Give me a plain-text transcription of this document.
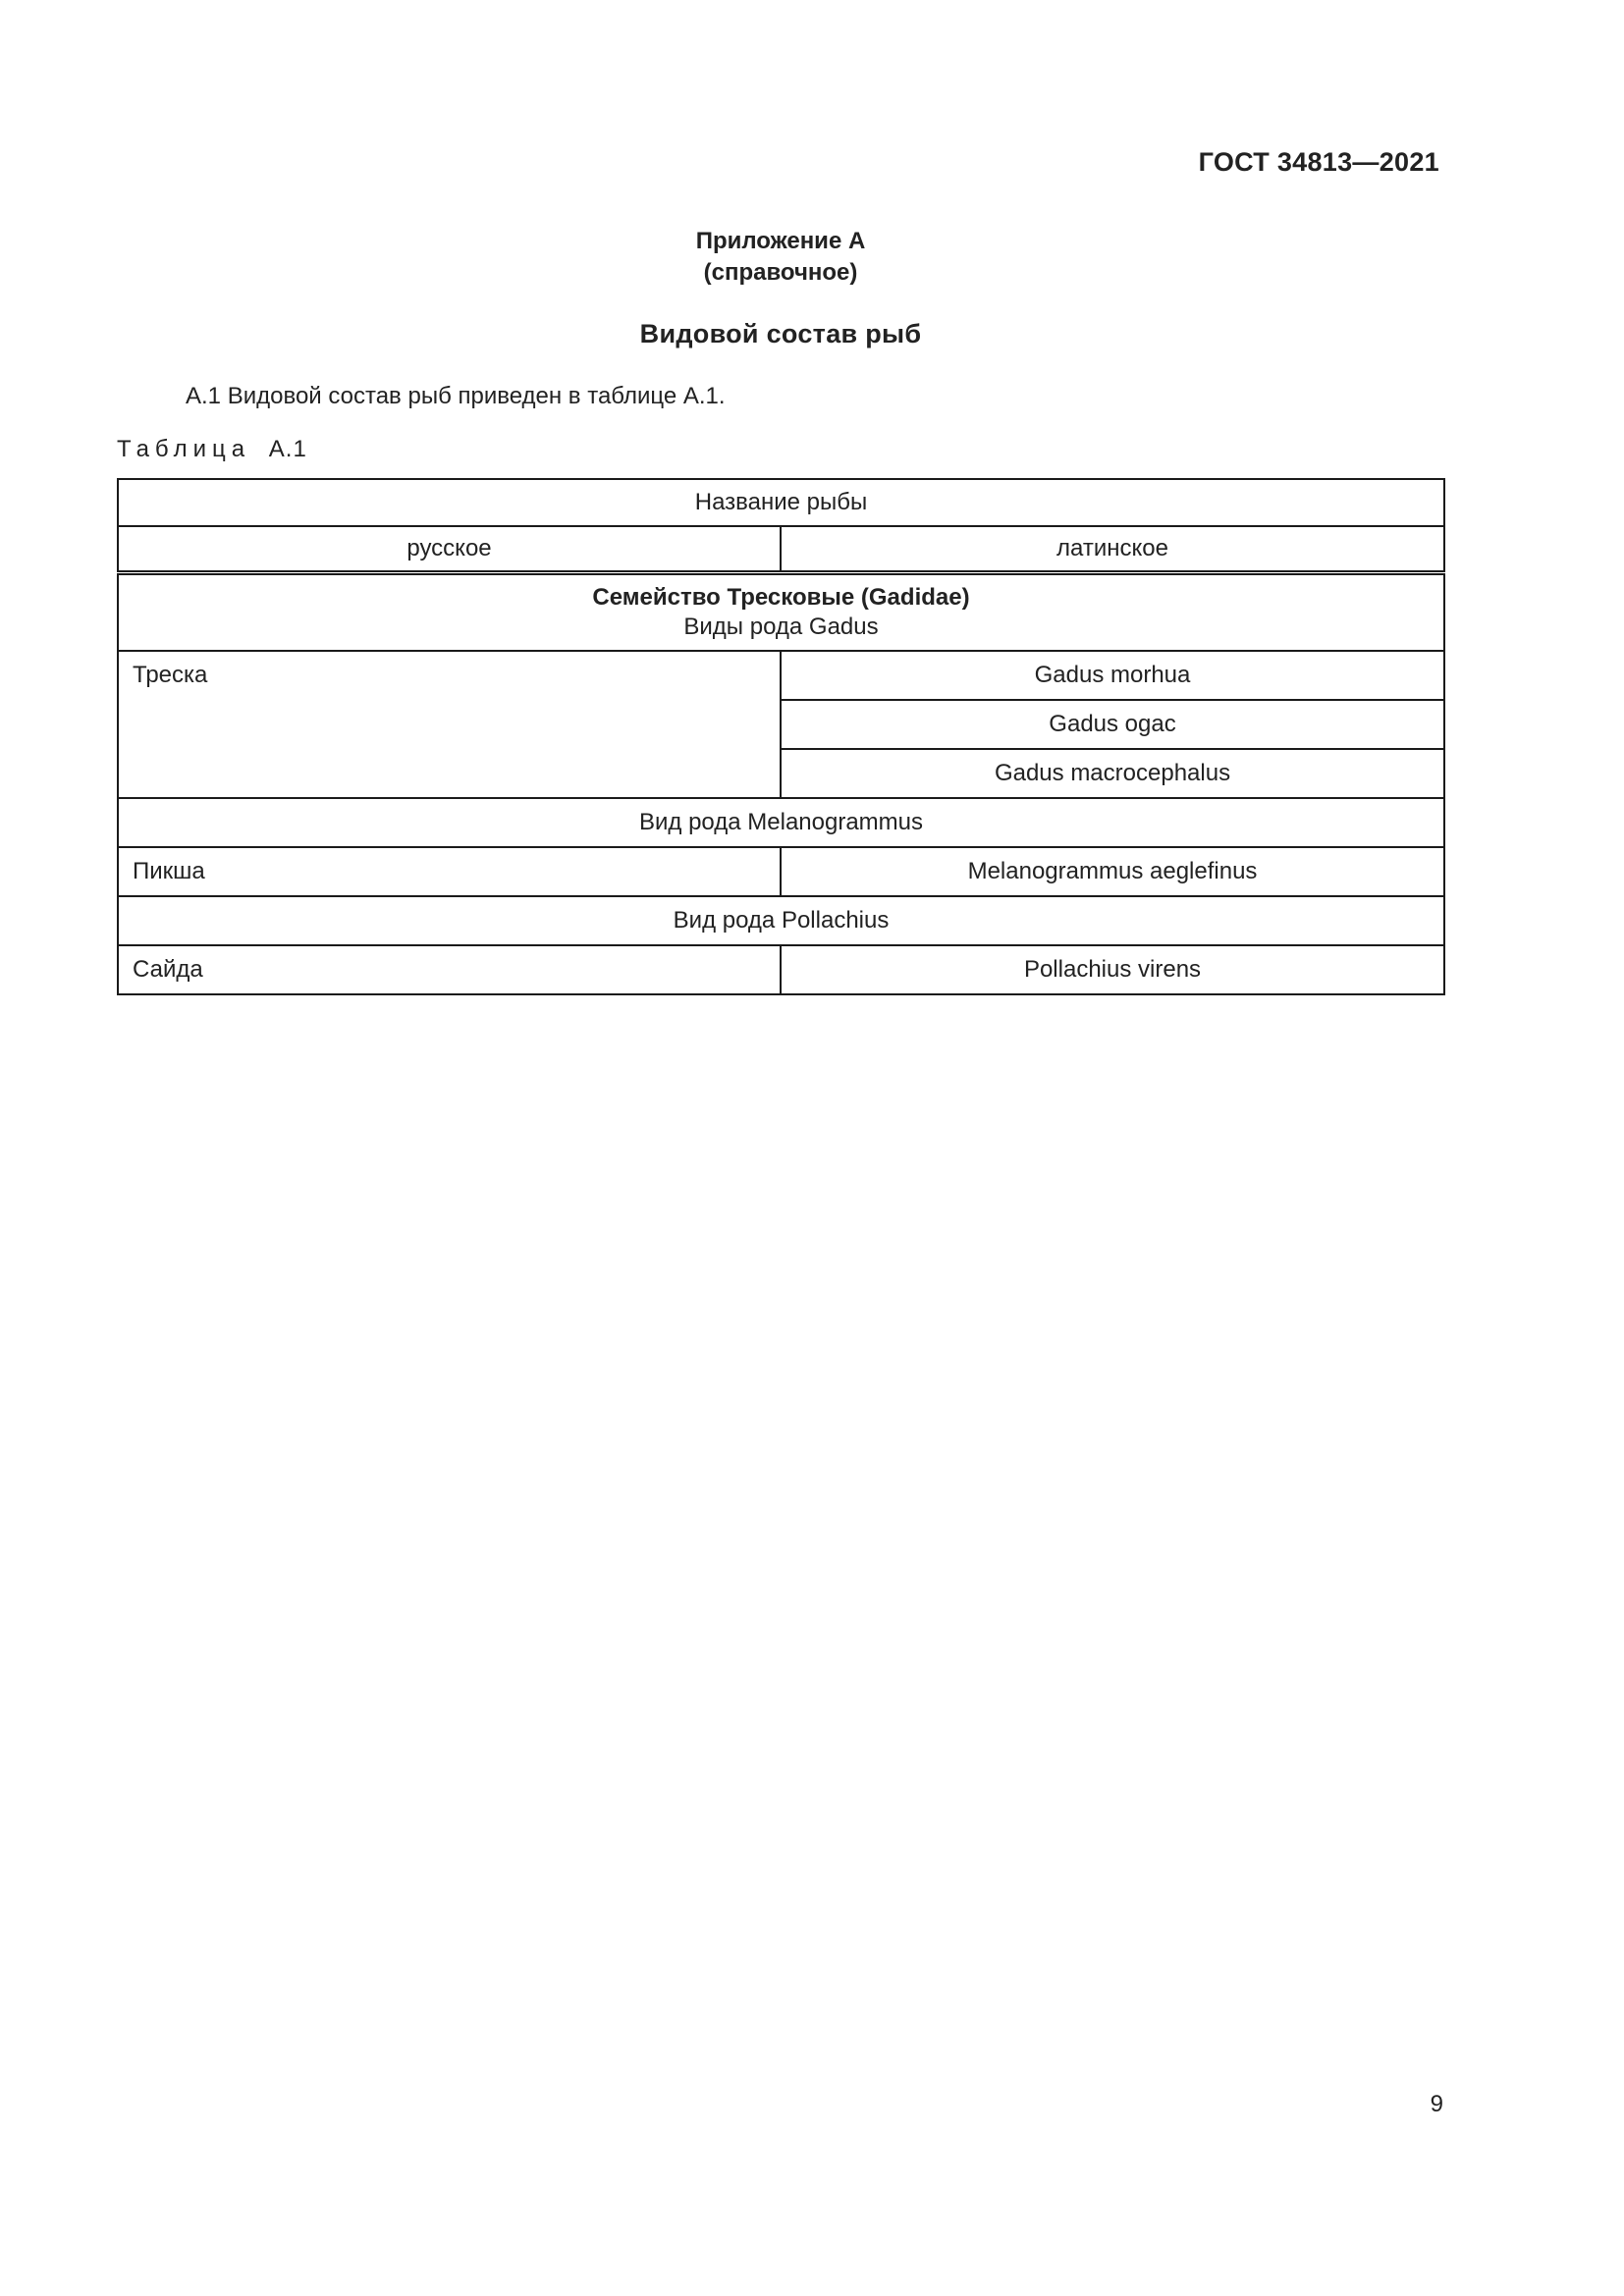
ГОСТ 34813—2021
Приложение А
(справочное)
Видовой состав рыб
А.1 Видовой состав рыб приведен в таблице А.1.
Таблица А.1
Название рыбы	
русское	латинское

Семейство Тресковые (Gadidae)
Виды рода Gadus	

Треска	Gadus morhua
	Gadus ogac
	Gadus macrocephalus
Вид рода Melanogrammus	
Пикша	Melanogrammus aeglefinus
Вид рода Pollachius	
Сайда	Pollachius virens
9
